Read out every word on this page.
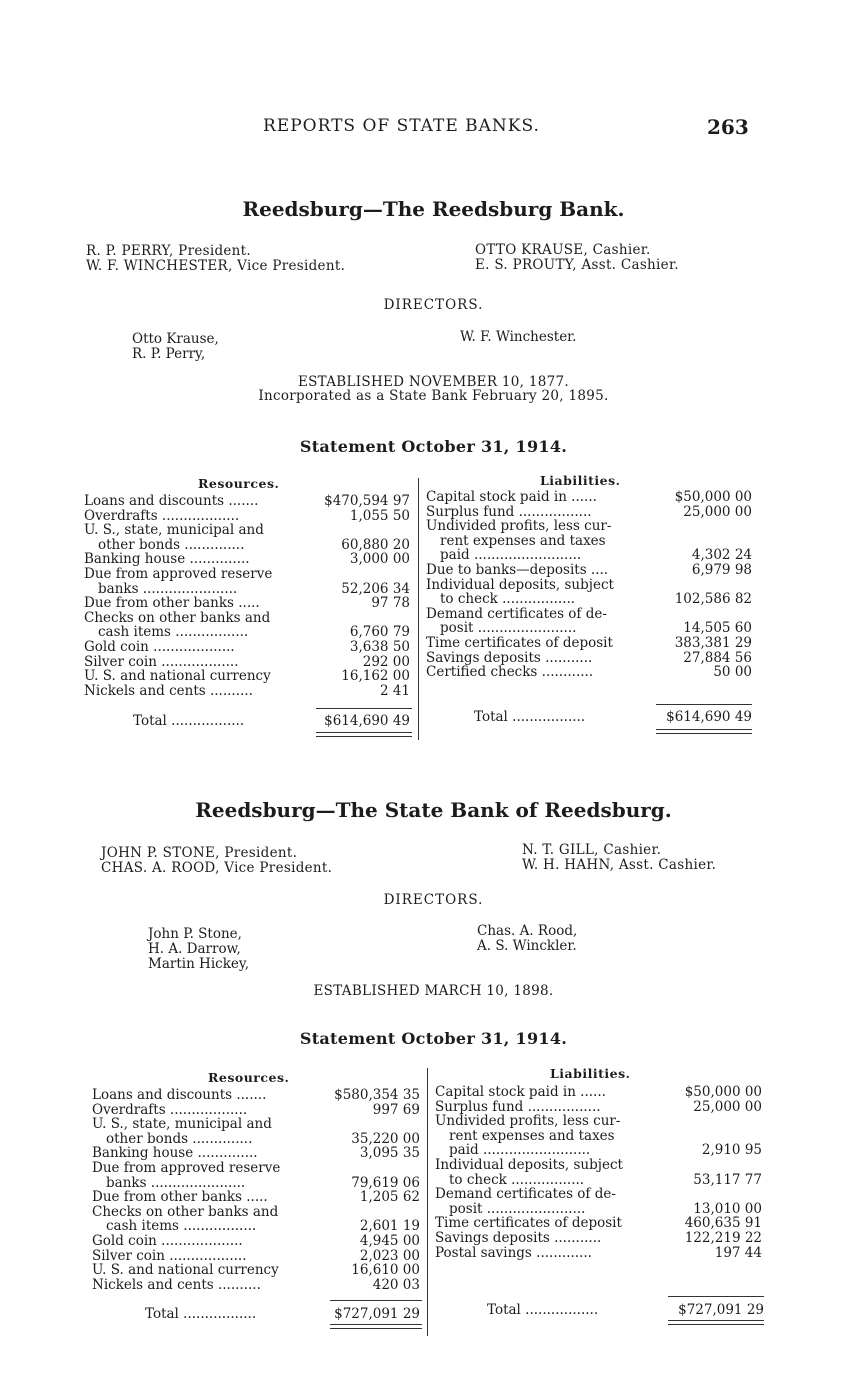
REPORTS OF STATE BANKS.	263
Reedsburg—The Reedsburg Bank.
R. P. PERRY, President.
W. F. WINCHESTER, Vice President.
OTTO KRAUSE, Cashier.
E. S. PROUTY, Asst. Cashier.
DIRECTORS.
Otto Krause,
R. P. Perry,
W. F. Winchester.
ESTABLISHED NOVEMBER 10, 1877.
Incorporated as a State Bank February 20, 1895.
Statement October 31, 1914.
Resources.	Liabilities.
Loans and discounts .......	$470,594 97
Overdrafts ..................	1,055 50
U. S., state, municipal and
other bonds ..............	60,880 20
Banking house ..............	3,000 00
Due from approved reserve
banks ......................	52,206 34
Due from other banks .....	97 78
Checks on other banks and
cash items .................	6,760 79
Gold coin ...................	3,638 50
Silver coin ..................	292 00
U. S. and national currency	16,162 00
Nickels and cents ..........	2 41
Capital stock paid in ......	$50,000 00
Surplus fund .................	25,000 00
Undivided profits, less cur-
rent expenses and taxes
paid .........................	4,302 24
Due to banks—deposits ....	6,979 98
Individual deposits, subject
to check .................	102,586 82
Demand certificates of de-
posit .......................	14,505 60
Time certificates of deposit	383,381 29
Savings deposits ...........	27,884 56
Certified checks ............	50 00
Total .................	$614,690 49	Total .................	$614,690 49
Reedsburg—The State Bank of Reedsburg.
JOHN P. STONE, President.
CHAS. A. ROOD, Vice President.
N. T. GILL, Cashier.
W. H. HAHN, Asst. Cashier.
DIRECTORS.
John P. Stone,
H. A. Darrow,
Martin Hickey,
Chas. A. Rood,
A. S. Winckler.
ESTABLISHED MARCH 10, 1898.
Statement October 31, 1914.
Resources.	Liabilities.
Loans and discounts .......	$580,354 35
Overdrafts ..................	997 69
U. S., state, municipal and
other bonds ..............	35,220 00
Banking house ..............	3,095 35
Due from approved reserve
banks ......................	79,619 06
Due from other banks .....	1,205 62
Checks on other banks and
cash items .................	2,601 19
Gold coin ...................	4,945 00
Silver coin ..................	2,023 00
U. S. and national currency	16,610 00
Nickels and cents ..........	420 03
Capital stock paid in ......	$50,000 00
Surplus fund .................	25,000 00
Undivided profits, less cur-
rent expenses and taxes
paid .........................	2,910 95
Individual deposits, subject
to check .................	53,117 77
Demand certificates of de-
posit .......................	13,010 00
Time certificates of deposit	460,635 91
Savings deposits ...........	122,219 22
Postal savings .............	197 44
Total .................	$727,091 29	Total .................	$727,091 29
